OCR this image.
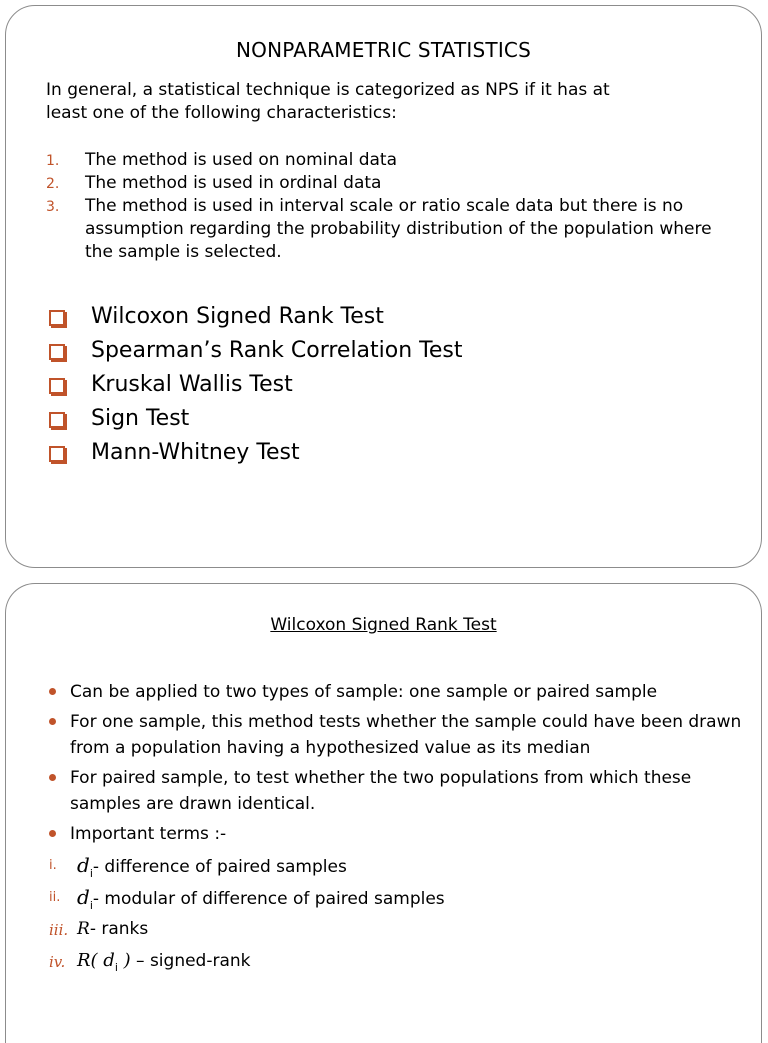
NONPARAMETRIC STATISTICS
In general, a statistical technique is categorized as NPS if it has at least one of the following characteristics:
1.	The method is used on nominal data
2.	The method is used in ordinal data
3.	The method is used in interval scale or ratio scale data but there is no assumption regarding the probability distribution of the population where the sample is selected.
Wilcoxon Signed Rank Test
Spearman’s Rank Correlation Test
Kruskal Wallis Test
Sign Test
Mann-Whitney Test
Wilcoxon Signed Rank Test
Can be applied to two types of sample: one sample or paired sample
For one sample, this method tests whether the sample could have been drawn from a population having a hypothesized value as its median
For paired sample, to test whether the two populations from which these samples are drawn identical.
Important terms :-
i. $d_i-$ difference of paired samples
ii. $d_i-$ modular of difference of paired samples
iii. R- ranks
iv. R( $d_i$ ) – signed-rank
